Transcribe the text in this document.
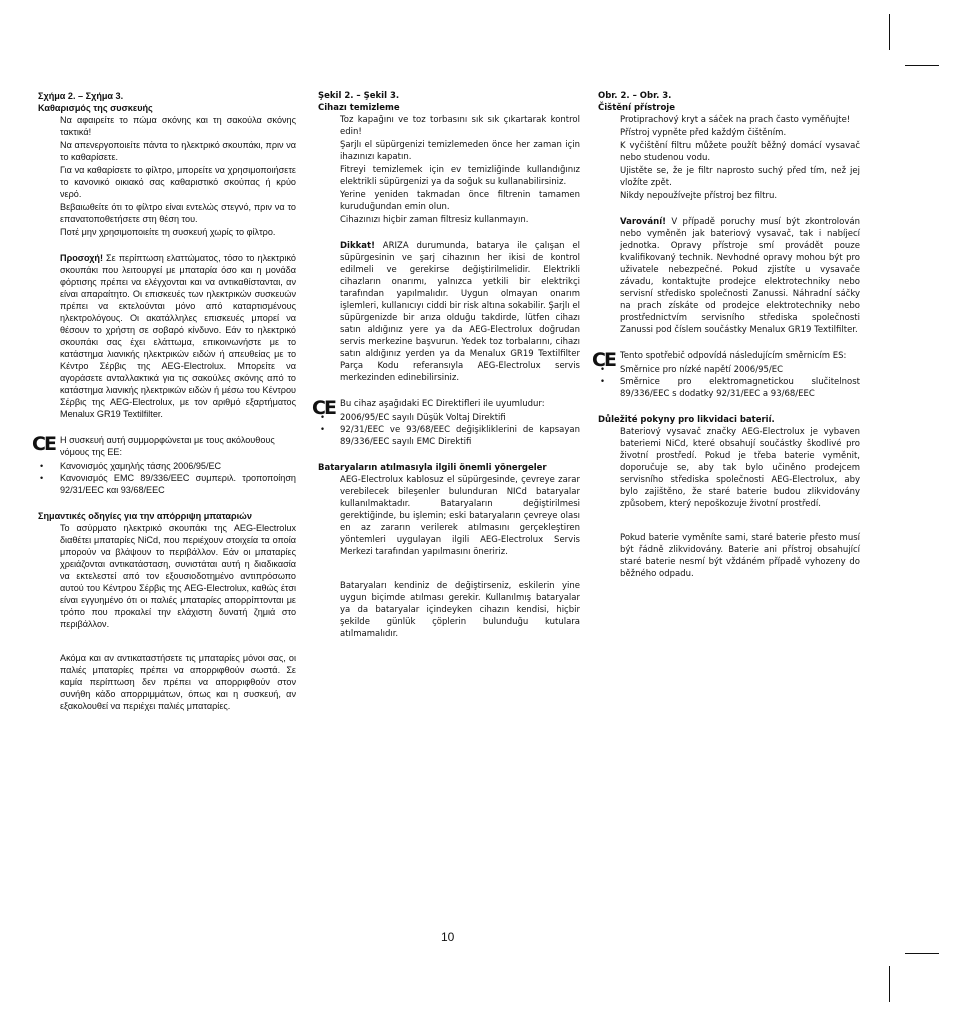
Σχήμα 2. – Σχήμα 3.

Καθαρισμός της συσκευής

Να αφαιρείτε το πώμα σκόνης και τη σακούλα σκόνης τακτικά!

Να απενεργοποιείτε πάντα το ηλεκτρικό σκουπάκι, πριν να το καθαρίσετε.

Για να καθαρίσετε το φίλτρο, μπορείτε να χρησιμοποιήσετε το κανονικό οικιακό σας καθαριστικό σκούπας ή κρύο νερό.

Βεβαιωθείτε ότι το φίλτρο είναι εντελώς στεγνό, πριν να το επανατοποθετήσετε στη θέση του.

Ποτέ μην χρησιμοποιείτε τη συσκευή χωρίς το φίλτρο.

Προσοχή! Σε περίπτωση ελαττώματος, τόσο το ηλεκτρικό σκουπάκι που λειτουργεί με μπαταρία όσο και η μονάδα φόρτισης πρέπει να ελέγχονται και να αντικαθίστανται, αν είναι απαραίτητο. Οι επισκευές των ηλεκτρικών συσκευών πρέπει να εκτελούνται μόνο από καταρτισμένους ηλεκτρολόγους. Οι ακατάλληλες επισκευές μπορεί να θέσουν το χρήστη σε σοβαρό κίνδυνο. Εάν το ηλεκτρικό σκουπάκι σας έχει ελάττωμα, επικοινωνήστε με το κατάστημα λιανικής ηλεκτρικών ειδών ή απευθείας με το Κέντρο Σέρβις της AEG-Electrolux. Μπορείτε να αγοράσετε ανταλλακτικά για τις σακούλες σκόνης από το κατάστημα λιανικής ηλεκτρικών ειδών ή μέσω του Κέντρου Σέρβις της AEG-Electrolux, με τον αριθμό εξαρτήματος Menalux GR19 Textilfilter.

CE Η συσκευή αυτή συμμορφώνεται με τους ακόλουθους νόμους της ΕΕ:
• Κανονισμός χαμηλής τάσης 2006/95/EC
• Κανονισμός EMC 89/336/EEC συμπεριλ. τροποποίηση 92/31/EEC και 93/68/EEC

Σημαντικές οδηγίες για την απόρριψη μπαταριών

Το ασύρματο ηλεκτρικό σκουπάκι της AEG-Electrolux διαθέτει μπαταρίες NiCd, που περιέχουν στοιχεία τα οποία μπορούν να βλάψουν το περιβάλλον. Εάν οι μπαταρίες χρειάζονται αντικατάσταση, συνιστάται αυτή η διαδικασία να εκτελεστεί από τον εξουσιοδοτημένο αντιπρόσωπο αυτού του Κέντρου Σέρβις της AEG-Electrolux, καθώς έτσι είναι εγγυημένο ότι οι παλιές μπαταρίες απορρίπτονται με τρόπο που προκαλεί την ελάχιστη δυνατή ζημιά στο περιβάλλον.

Ακόμα και αν αντικαταστήσετε τις μπαταρίες μόνοι σας, οι παλιές μπαταρίες πρέπει να απορριφθούν σωστά. Σε καμία περίπτωση δεν πρέπει να απορριφθούν στον συνήθη κάδο απορριμμάτων, όπως και η συσκευή, αν εξακολουθεί να περιέχει παλιές μπαταρίες.

Şekil 2. – Şekil 3.

Cihazı temizleme

Toz kapağını ve toz torbasını sık sık çıkartarak kontrol edin!

Şarjlı el süpürgenizi temizlemeden önce her zaman için ihazınızı kapatın.

Fitreyi temizlemek için ev temizliğinde kullandığınız elektrikli süpürgenizi ya da soğuk su kullanabilirsiniz.

Yerine yeniden takmadan önce filtrenin tamamen kuruduğundan emin olun.

Cihazınızı hiçbir zaman filtresiz kullanmayın.

Dikkat! ARIZA durumunda, batarya ile çalışan el süpürgesinin ve şarj cihazının her ikisi de kontrol edilmeli ve gerekirse değiştirilmelidir. Elektrikli cihazların onarımı, yalnızca yetkili bir elektrikçi tarafından yapılmalıdır. Uygun olmayan onarım işlemleri, kullanıcıyı ciddi bir risk altına sokabilir. Şarjlı el süpürgenizde bir arıza olduğu takdirde, lütfen cihazı satın aldığınız yere ya da AEG-Electrolux doğrudan servis merkezine başvurun. Yedek toz torbalarını, cihazı satın aldığınız yerden ya da Menalux GR19 Textilfilter Parça Kodu referansıyla AEG-Electrolux servis merkezinden edinebilirsiniz.

CE Bu cihaz aşağıdaki EC Direktifleri ile uyumludur:
• 2006/95/EC sayılı Düşük Voltaj Direktifi
• 92/31/EEC ve 93/68/EEC değişikliklerini de kapsayan 89/336/EEC sayılı EMC Direktifi

Bataryaların atılmasıyla ilgili önemli yönergeler

AEG-Electrolux kablosuz el süpürgesinde, çevreye zarar verebilecek bileşenler bulunduran NICd bataryalar kullanılmaktadır. Bataryaların değiştirilmesi gerektiğinde, bu işlemin; eski bataryaların çevreye olası en az zararın verilerek atılmasını gerçekleştiren yöntemleri uygulayan ilgili AEG-Electrolux Servis Merkezi tarafından yapılmasını öneririz.

Bataryaları kendiniz de değiştirseniz, eskilerin yine uygun biçimde atılması gerekir. Kullanılmış bataryalar ya da bataryalar içindeyken cihazın kendisi, hiçbir şekilde günlük çöplerin bulunduğu kutulara atılmamalıdır.

Obr. 2. – Obr. 3.

Čištění přístroje

Protiprachový kryt a sáček na prach často vyměňujte!

Přístroj vypněte před každým čištěním.

K vyčištění filtru můžete použít běžný domácí vysavač nebo studenou vodu.

Ujistěte se, že je filtr naprosto suchý před tím, než jej vložíte zpět.

Nikdy nepoužívejte přístroj bez filtru.

Varování! V případě poruchy musí být zkontrolován nebo vyměněn jak bateriový vysavač, tak i nabíjecí jednotka. Opravy přístroje smí provádět pouze kvalifikovaný technik. Nevhodné opravy mohou být pro uživatele nebezpečné. Pokud zjistíte u vysavače závadu, kontaktujte prodejce elektrotechniky nebo servisní středisko společnosti Zanussi. Náhradní sáčky na prach získáte od prodejce elektrotechniky nebo prostřednictvím servisního střediska společnosti Zanussi pod číslem součástky Menalux GR19 Textilfilter.

CE Tento spotřebič odpovídá následujícím směrnicím ES:
• Směrnice pro nízké napětí 2006/95/EC
• Směrnice pro elektromagnetickou slučitelnost 89/336/EEC s dodatky 92/31/EEC a 93/68/EEC

Důležité pokyny pro likvidaci baterií.

Bateriový vysavač značky AEG-Electrolux je vybaven bateriemi NiCd, které obsahují součástky škodlivé pro životní prostředí. Pokud je třeba baterie vyměnit, doporučuje se, aby tak bylo učiněno prodejcem servisního střediska společnosti AEG-Electrolux, aby bylo zajištěno, že staré baterie budou zlikvidovány způsobem, který nepoškozuje životní prostředí.

Pokud baterie vyměníte sami, staré baterie přesto musí být řádně zlikvidovány. Baterie ani přístroj obsahující staré baterie nesmí být vždáném případě vyhozeny do běžného odpadu.

10
